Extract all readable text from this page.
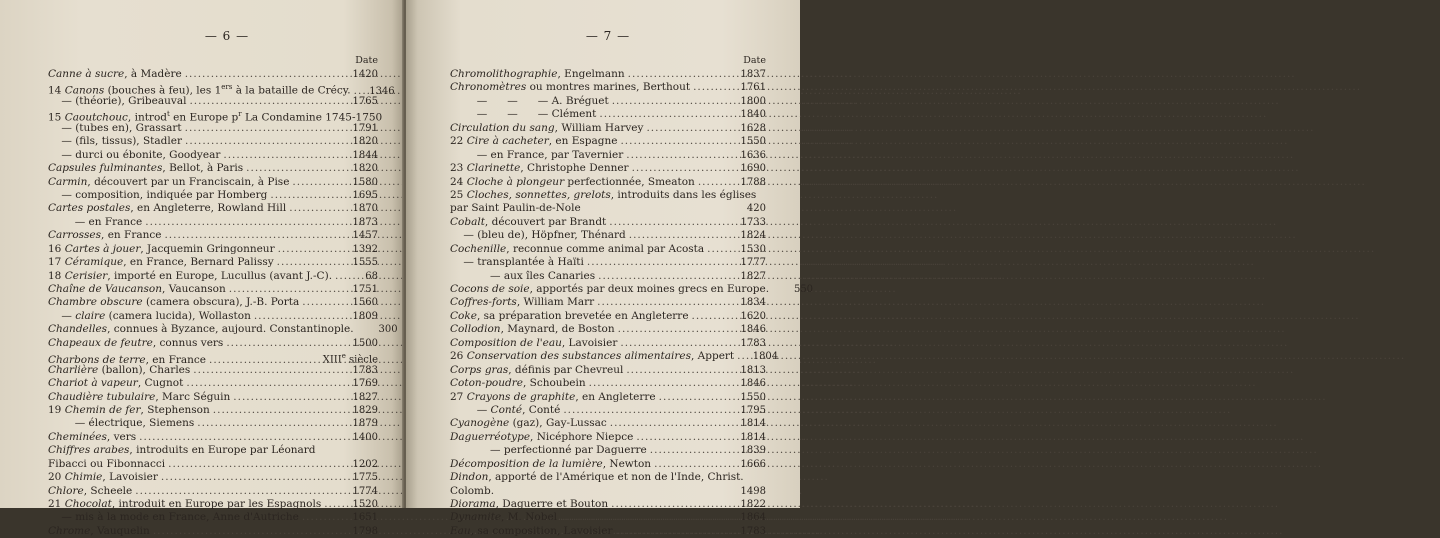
— 6 —
Date
Canne à sucre, à Madère .....	1420
14 Canons (bouches à feu), les 1ers à la bataille de Crécy. .....	1346
— (théorie), Gribeauval .....	1765
15 Caoutchouc, introd$^t$ en Europe $p^r$ La Condamine 1745-1750
— (tubes en), Grassart .....	1791
— (fils, tissus), Stadler .....	1820
— durci ou ébonite, Goodyear .....	1844
Capsules fulminantes, Bellot, à Paris .....	1820
Carmin, découvert par un Franciscain, à Pise .....	1580
— composition, indiquée par Homberg .....	1695
Cartes postales, en Angleterre, Rowland Hill .....	1870
— en France .....	1873
Carrosses, en France .....	1457
16 Cartes à jouer, Jacquemin Gringonneur .....	1392
17 Céramique, en France, Bernard Palissy .....	1555
18 Cerisier, importé en Europe, Lucullus (avant J.-C). .....	68
Chaîne de Vaucanson, Vaucanson .....	1751
Chambre obscure (camera obscura), J.-B. Porta .....	1560
— claire (camera lucida), Wollaston .....	1809
Chandelles, connues à Byzance, aujourd. Constantinople.	300
Chapeaux de feutre, connus vers .....	1500
Charbons de terre, en France .....	XIIIe siècle
Charlière (ballon), Charles .....	1783
Chariot à vapeur, Cugnot .....	1769
Chaudière tubulaire, Marc Séguin .....	1827
19 Chemin de fer, Stephenson .....	1829
— électrique, Siemens .....	1879
Cheminées, vers .....	1400
Chiffres arabes, introduits en Europe par Léonard
Fibacci ou Fibonnacci .....	1202
20 Chimie, Lavoisier .....	1775
Chlore, Scheele .....	1774
21 Chocolat, introduit en Europe par les Espagnols .....	1520
— mis à la mode en France, Anne d'Autriche .....	1651
Chrome, Vauquelin .....	1798
— 7 —
Date
Chromolithographie, Engelmann .....	1837
Chronomètres ou montres marines, Berthout .....	1761
—      —      — A. Bréguet .....	1800
—      —      — Clément .....	1840
Circulation du sang, William Harvey .....	1628
22 Cire à cacheter, en Espagne .....	1550
— en France, par Tavernier .....	1636
23 Clarinette, Christophe Denner .....	1690
24 Cloche à plongeur perfectionnée, Smeaton .....	1788
25 Cloches, sonnettes, grelots, introduits dans les églises
par Saint Paulin-de-Nole	420
Cobalt, découvert par Brandt .....	1733
— (bleu de), Höpfner, Thénard .....	1824
Cochenille, reconnue comme animal par Acosta .....	1530
— transplantée à Haïti .....	1777
— aux îles Canaries .....	1827
Cocons de soie, apportés par deux moines grecs en Europe.	550
Coffres-forts, William Marr .....	1834
Coke, sa préparation brevetée en Angleterre .....	1620
Collodion, Maynard, de Boston .....	1846
Composition de l'eau, Lavoisier .....	1783
26 Conservation des substances alimentaires, Appert .....	1804
Corps gras, définis par Chevreul .....	1813
Coton-poudre, Schoubein .....	1846
27 Crayons de graphite, en Angleterre .....	1550
— Conté, Conté .....	1795
Cyanogène (gaz), Gay-Lussac .....	1814
Daguerréotype, Nicéphore Niepce .....	1814
— perfectionné par Daguerre .....	1839
Décomposition de la lumière, Newton .....	1666
Dindon, apporté de l'Amérique et non de l'Inde, Christ.
Colomb.	1498
Diorama, Daguerre et Bouton .....	1822
Dynamite, M. Nobel .....	1864
Eau, sa composition, Lavoisier .....	1783
